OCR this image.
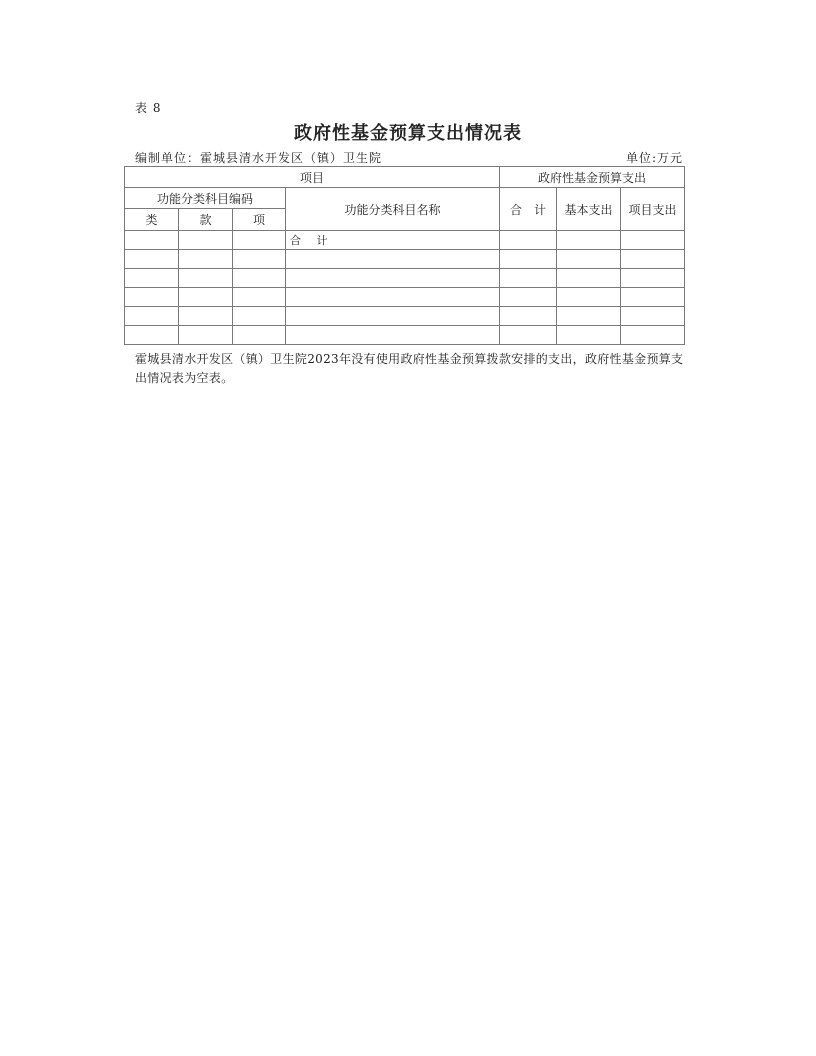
表 8
政府性基金预算支出情况表
编制单位：霍城县清水开发区（镇）卫生院	单位:万元
项目				政府性基金预算支出		
功能分类科目编码			功能分类科目名称	合　计	基本支出	项目支出
类	款	项				
			合 计			

霍城县清水开发区（镇）卫生院2023年没有使用政府性基金预算拨款安排的支出，政府性基金预算支出情况表为空表。
